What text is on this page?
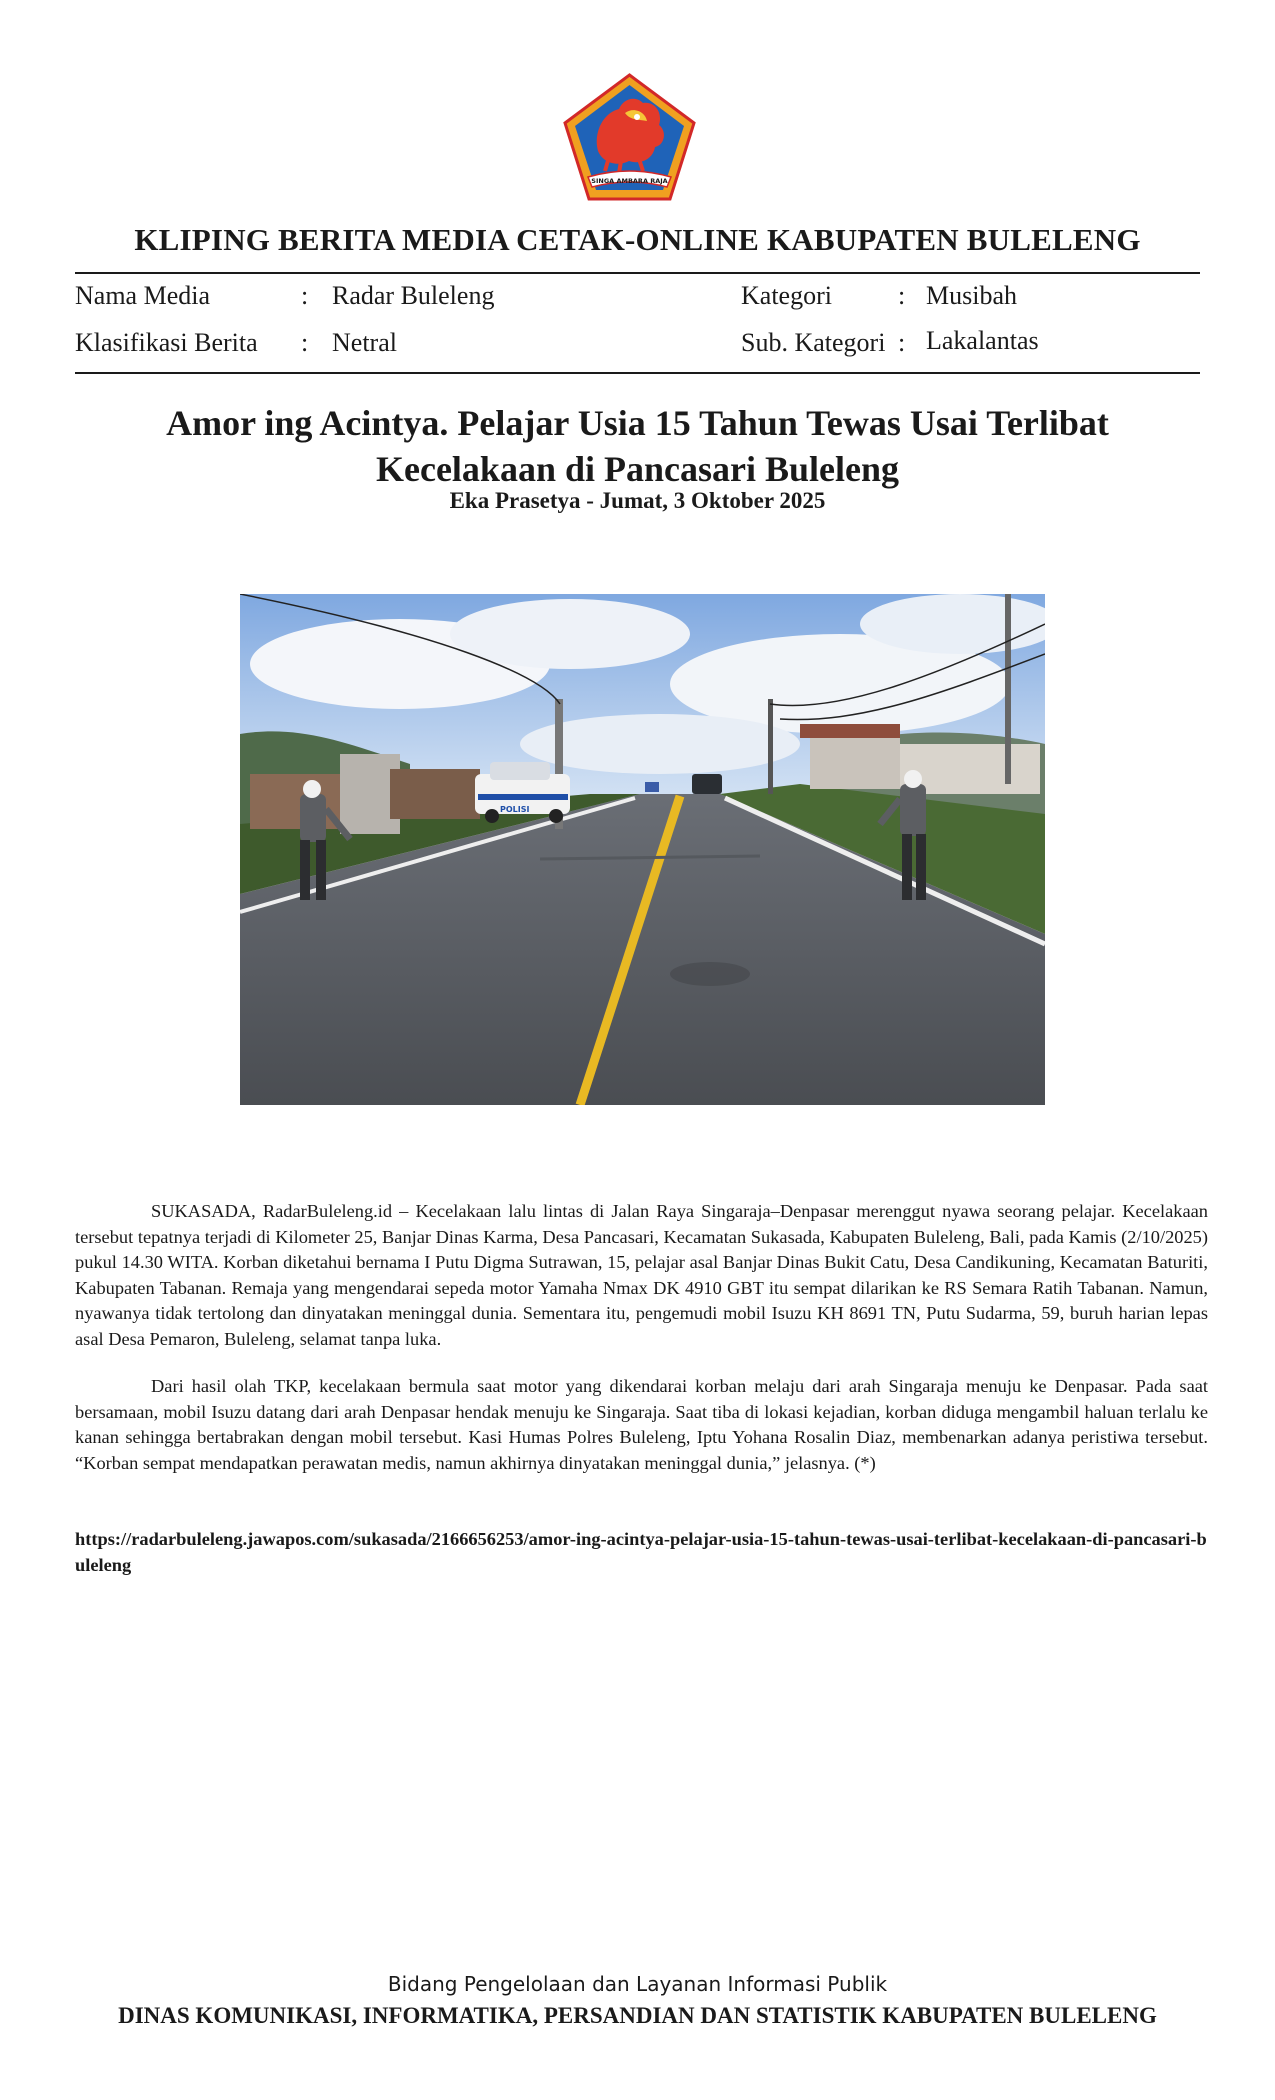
SINGA AMBARA RAJA
KLIPING BERITA MEDIA CETAK-ONLINE KABUPATEN BULELENG
Nama Media	: Radar Buleleng
Klasifikasi Berita : Netral
Kategori	: Musibah
Sub. Kategori : Lakalantas
Amor ing Acintya. Pelajar Usia 15 Tahun Tewas Usai Terlibat
Kecelakaan di Pancasari Buleleng
Eka Prasetya - Jumat, 3 Oktober 2025
POLISI
SUKASADA, RadarBuleleng.id – Kecelakaan lalu lintas di Jalan Raya Singaraja–Denpasar merenggut nyawa seorang pelajar. Kecelakaan tersebut tepatnya terjadi di Kilometer 25, Banjar Dinas Karma, Desa Pancasari, Kecamatan Sukasada, Kabupaten Buleleng, Bali, pada Kamis (2/10/2025) pukul 14.30 WITA. Korban diketahui bernama I Putu Digma Sutrawan, 15, pelajar asal Banjar Dinas Bukit Catu, Desa Candikuning, Kecamatan Baturiti, Kabupaten Tabanan. Remaja yang mengendarai sepeda motor Yamaha Nmax DK 4910 GBT itu sempat dilarikan ke RS Semara Ratih Tabanan. Namun, nyawanya tidak tertolong dan dinyatakan meninggal dunia. Sementara itu, pengemudi mobil Isuzu KH 8691 TN, Putu Sudarma, 59, buruh harian lepas asal Desa Pemaron, Buleleng, selamat tanpa luka.
Dari hasil olah TKP, kecelakaan bermula saat motor yang dikendarai korban melaju dari arah Singaraja menuju ke Denpasar. Pada saat bersamaan, mobil Isuzu datang dari arah Denpasar hendak menuju ke Singaraja. Saat tiba di lokasi kejadian, korban diduga mengambil haluan terlalu ke kanan sehingga bertabrakan dengan mobil tersebut. Kasi Humas Polres Buleleng, Iptu Yohana Rosalin Diaz, membenarkan adanya peristiwa tersebut. “Korban sempat mendapatkan perawatan medis, namun akhirnya dinyatakan meninggal dunia,” jelasnya. (*)
https://radarbuleleng.jawapos.com/sukasada/2166656253/amor-ing-acintya-pelajar-usia-15-tahun-tewas-usai-terlibat-kecelakaan-di-pancasari-buleleng
Bidang Pengelolaan dan Layanan Informasi Publik
DINAS KOMUNIKASI, INFORMATIKA, PERSANDIAN DAN STATISTIK KABUPATEN BULELENG
